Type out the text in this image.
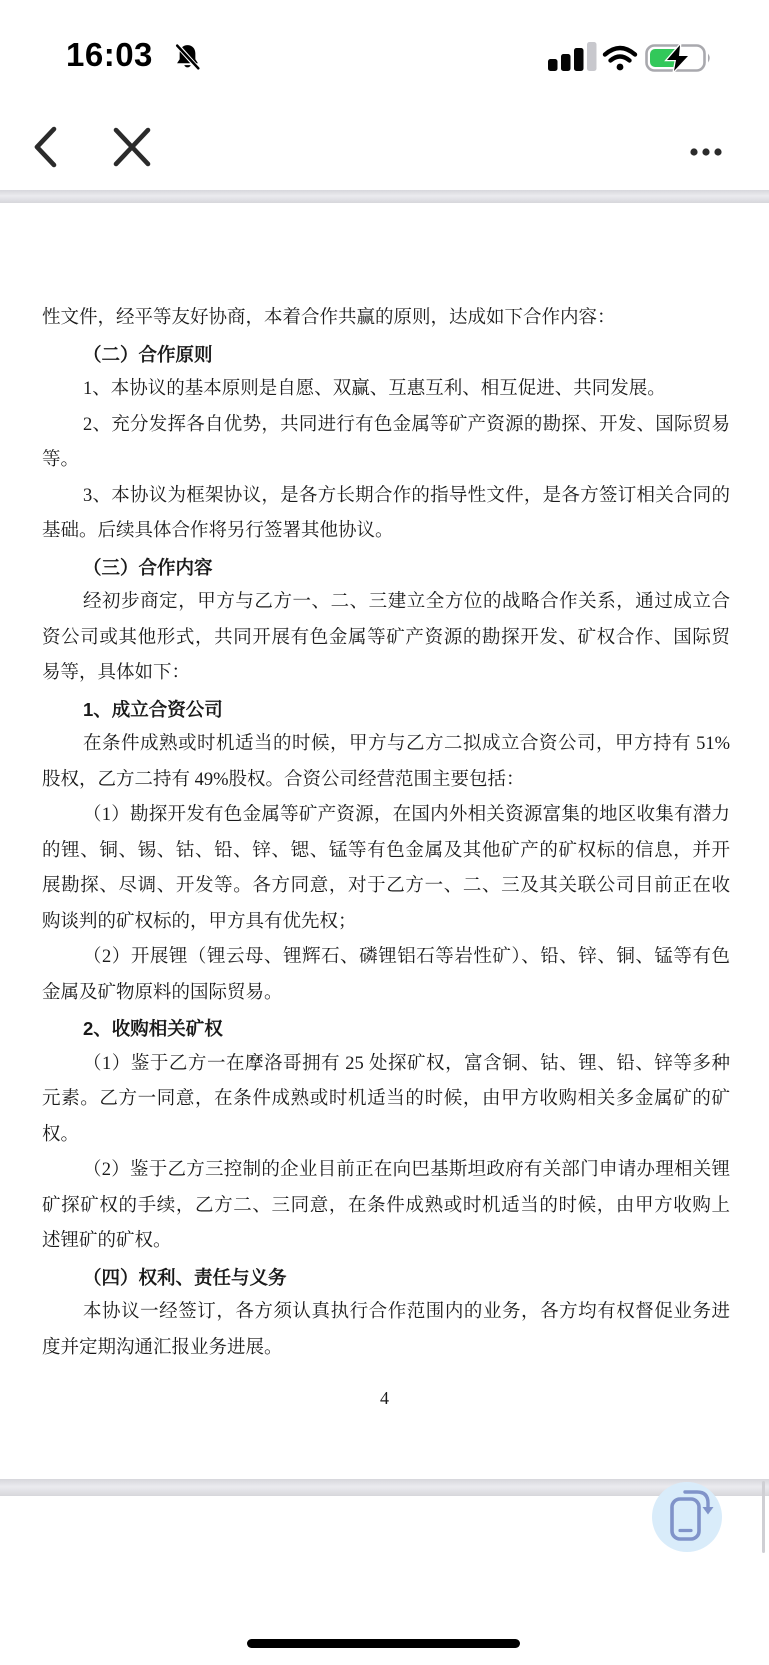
16:03
性文件，经平等友好协商，本着合作共赢的原则，达成如下合作内容：
（二）合作原则
1、本协议的基本原则是自愿、双赢、互惠互利、相互促进、共同发展。
2、充分发挥各自优势，共同进行有色金属等矿产资源的勘探、开发、国际贸易
等。
3、本协议为框架协议，是各方长期合作的指导性文件，是各方签订相关合同的
基础。后续具体合作将另行签署其他协议。
（三）合作内容
经初步商定，甲方与乙方一、二、三建立全方位的战略合作关系，通过成立合
资公司或其他形式，共同开展有色金属等矿产资源的勘探开发、矿权合作、国际贸
易等，具体如下：
1、成立合资公司
在条件成熟或时机适当的时候，甲方与乙方二拟成立合资公司，甲方持有 51%
股权，乙方二持有 49%股权。合资公司经营范围主要包括：
（1）勘探开发有色金属等矿产资源，在国内外相关资源富集的地区收集有潜力
的锂、铜、锡、钴、铅、锌、锶、锰等有色金属及其他矿产的矿权标的信息，并开
展勘探、尽调、开发等。各方同意，对于乙方一、二、三及其关联公司目前正在收
购谈判的矿权标的，甲方具有优先权；
（2）开展锂（锂云母、锂辉石、磷锂铝石等岩性矿）、铅、锌、铜、锰等有色
金属及矿物原料的国际贸易。
2、收购相关矿权
（1）鉴于乙方一在摩洛哥拥有 25 处探矿权，富含铜、钴、锂、铅、锌等多种
元素。乙方一同意，在条件成熟或时机适当的时候，由甲方收购相关多金属矿的矿
权。
（2）鉴于乙方三控制的企业目前正在向巴基斯坦政府有关部门申请办理相关锂
矿探矿权的手续，乙方二、三同意，在条件成熟或时机适当的时候，由甲方收购上
述锂矿的矿权。
（四）权利、责任与义务
本协议一经签订，各方须认真执行合作范围内的业务，各方均有权督促业务进
度并定期沟通汇报业务进展。
4
